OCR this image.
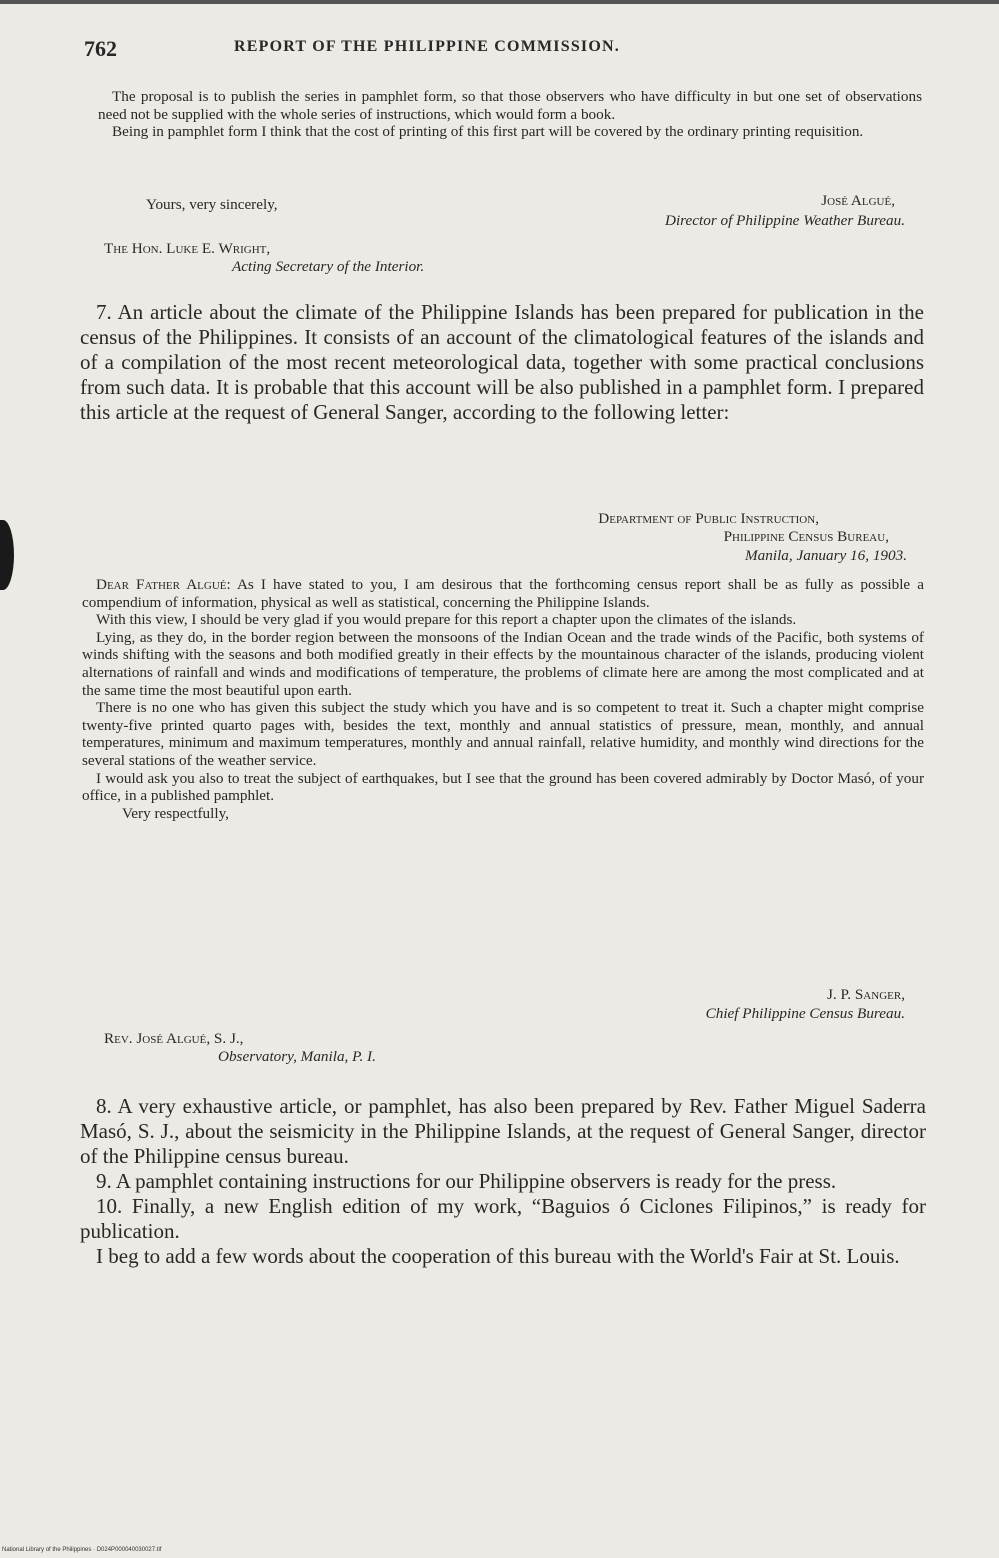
762	REPORT OF THE PHILIPPINE COMMISSION.

The proposal is to publish the series in pamphlet form, so that those observers who have difficulty in but one set of observations need not be supplied with the whole series of instructions, which would form a book.

Being in pamphlet form I think that the cost of printing of this first part will be covered by the ordinary printing requisition.

Yours, very sincerely,	José Algué,
Director of Philippine Weather Bureau.
The Hon. Luke E. Wright,
Acting Secretary of the Interior.

7. An article about the climate of the Philippine Islands has been prepared for publication in the census of the Philippines. It consists of an account of the climatological features of the islands and of a compilation of the most recent meteorological data, together with some practical conclusions from such data. It is probable that this account will be also published in a pamphlet form. I prepared this article at the request of General Sanger, according to the following letter:

Department of Public Instruction,
Philippine Census Bureau,
Manila, January 16, 1903.

Dear Father Algué: As I have stated to you, I am desirous that the forthcoming census report shall be as fully as possible a compendium of information, physical as well as statistical, concerning the Philippine Islands.

With this view, I should be very glad if you would prepare for this report a chapter upon the climates of the islands.

Lying, as they do, in the border region between the monsoons of the Indian Ocean and the trade winds of the Pacific, both systems of winds shifting with the seasons and both modified greatly in their effects by the mountainous character of the islands, producing violent alternations of rainfall and winds and modifications of temperature, the problems of climate here are among the most complicated and at the same time the most beautiful upon earth.

There is no one who has given this subject the study which you have and is so competent to treat it. Such a chapter might comprise twenty-five printed quarto pages with, besides the text, monthly and annual statistics of pressure, mean, monthly, and annual temperatures, minimum and maximum temperatures, monthly and annual rainfall, relative humidity, and monthly wind directions for the several stations of the weather service.

I would ask you also to treat the subject of earthquakes, but I see that the ground has been covered admirably by Doctor Masó, of your office, in a published pamphlet.

Very respectfully,

J. P. Sanger,
Chief Philippine Census Bureau.
Rev. José Algué, S. J.,
Observatory, Manila, P. I.

8. A very exhaustive article, or pamphlet, has also been prepared by Rev. Father Miguel Saderra Masó, S. J., about the seismicity in the Philippine Islands, at the request of General Sanger, director of the Philippine census bureau.

9. A pamphlet containing instructions for our Philippine observers is ready for the press.

10. Finally, a new English edition of my work, “Baguios ó Ciclones Filipinos,” is ready for publication.

I beg to add a few words about the cooperation of this bureau with the World's Fair at St. Louis.

National Library of the Philippines · D024P000040030027.tif
